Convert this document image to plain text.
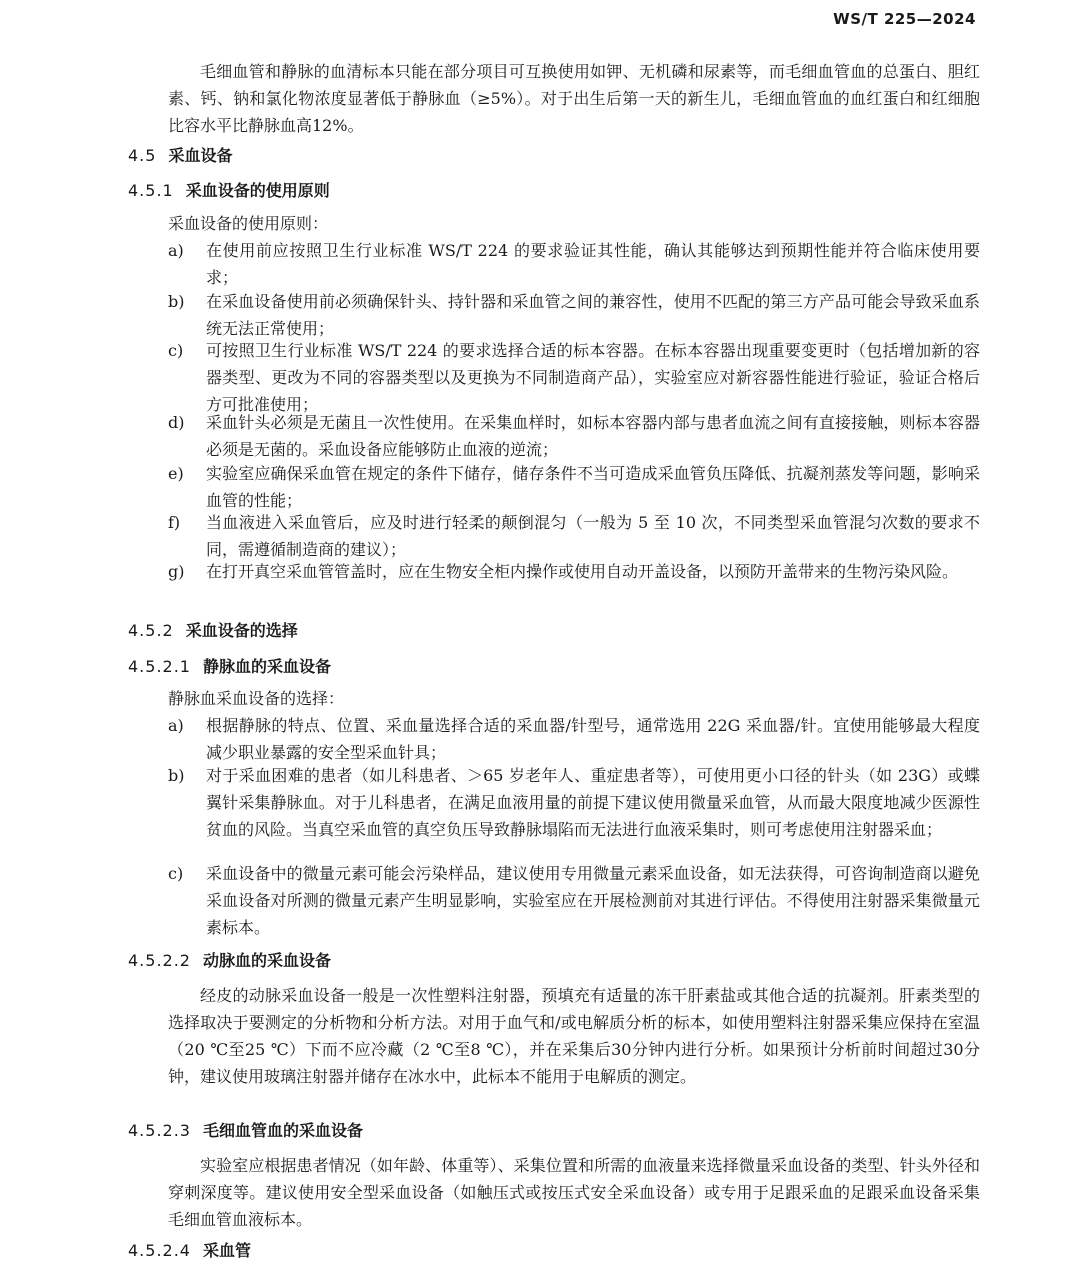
WS/T 225—2024

毛细血管和静脉的血清标本只能在部分项目可互换使用如钾、无机磷和尿素等，而毛细血管血的总蛋白、胆红素、钙、钠和氯化物浓度显著低于静脉血（≥5%）。对于出生后第一天的新生儿，毛细血管血的血红蛋白和红细胞比容水平比静脉血高12%。

4.5 采血设备
4.5.1 采血设备的使用原则

采血设备的使用原则：

a)	在使用前应按照卫生行业标准 WS/T 224 的要求验证其性能，确认其能够达到预期性能并符合临床使用要求；
b)	在采血设备使用前必须确保针头、持针器和采血管之间的兼容性，使用不匹配的第三方产品可能会导致采血系统无法正常使用；
c)	可按照卫生行业标准 WS/T 224 的要求选择合适的标本容器。在标本容器出现重要变更时（包括增加新的容器类型、更改为不同的容器类型以及更换为不同制造商产品），实验室应对新容器性能进行验证，验证合格后方可批准使用；
d)	采血针头必须是无菌且一次性使用。在采集血样时，如标本容器内部与患者血流之间有直接接触，则标本容器必须是无菌的。采血设备应能够防止血液的逆流；
e)	实验室应确保采血管在规定的条件下储存，储存条件不当可造成采血管负压降低、抗凝剂蒸发等问题，影响采血管的性能；
f)	当血液进入采血管后，应及时进行轻柔的颠倒混匀（一般为 5 至 10 次，不同类型采血管混匀次数的要求不同，需遵循制造商的建议）；
g)	在打开真空采血管管盖时，应在生物安全柜内操作或使用自动开盖设备，以预防开盖带来的生物污染风险。
4.5.2 采血设备的选择
4.5.2.1 静脉血的采血设备

静脉血采血设备的选择：

a)	根据静脉的特点、位置、采血量选择合适的采血器/针型号，通常选用 22G 采血器/针。宜使用能够最大程度减少职业暴露的安全型采血针具；
b)	对于采血困难的患者（如儿科患者、＞65 岁老年人、重症患者等），可使用更小口径的针头（如 23G）或蝶翼针采集静脉血。对于儿科患者，在满足血液用量的前提下建议使用微量采血管，从而最大限度地减少医源性贫血的风险。当真空采血管的真空负压导致静脉塌陷而无法进行血液采集时，则可考虑使用注射器采血；
c)	采血设备中的微量元素可能会污染样品，建议使用专用微量元素采血设备，如无法获得，可咨询制造商以避免采血设备对所测的微量元素产生明显影响，实验室应在开展检测前对其进行评估。不得使用注射器采集微量元素标本。
4.5.2.2 动脉血的采血设备

经皮的动脉采血设备一般是一次性塑料注射器，预填充有适量的冻干肝素盐或其他合适的抗凝剂。肝素类型的选择取决于要测定的分析物和分析方法。对用于血气和/或电解质分析的标本，如使用塑料注射器采集应保持在室温（20 ℃至25 ℃）下而不应冷藏（2 ℃至8 ℃），并在采集后30分钟内进行分析。如果预计分析前时间超过30分钟，建议使用玻璃注射器并储存在冰水中，此标本不能用于电解质的测定。

4.5.2.3 毛细血管血的采血设备

实验室应根据患者情况（如年龄、体重等）、采集位置和所需的血液量来选择微量采血设备的类型、针头外径和穿刺深度等。建议使用安全型采血设备（如触压式或按压式安全采血设备）或专用于足跟采血的足跟采血设备采集毛细血管血液标本。

4.5.2.4 采血管
